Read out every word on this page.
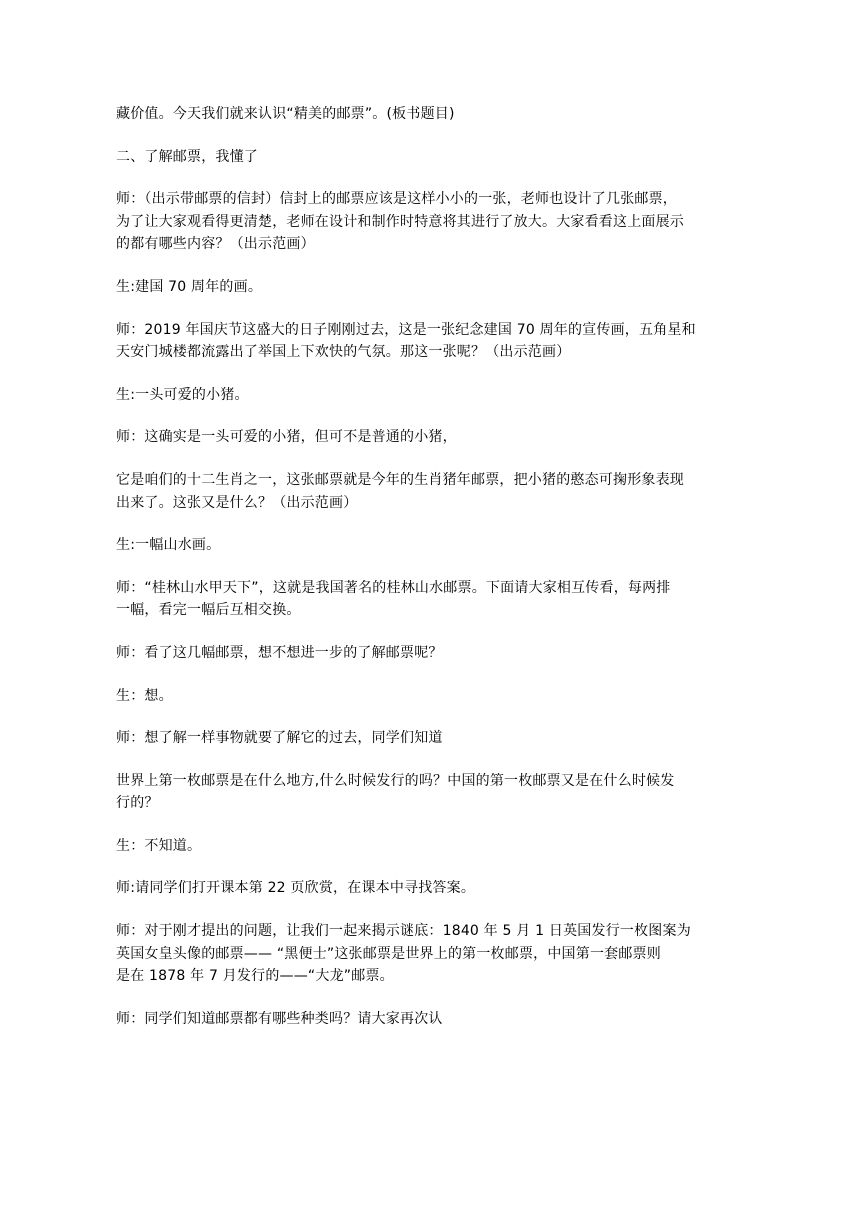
藏价值。今天我们就来认识“精美的邮票”。(板书题目)

二、了解邮票，我懂了

师：（出示带邮票的信封）信封上的邮票应该是这样小小的一张，老师也设计了几张邮票，
为了让大家观看得更清楚，老师在设计和制作时特意将其进行了放大。大家看看这上面展示
的都有哪些内容？（出示范画）

生:建国 70 周年的画。

师：2019 年国庆节这盛大的日子刚刚过去，这是一张纪念建国 70 周年的宣传画，五角星和
天安门城楼都流露出了举国上下欢快的气氛。那这一张呢？（出示范画）

生:一头可爱的小猪。

师：这确实是一头可爱的小猪，但可不是普通的小猪，

它是咱们的十二生肖之一，这张邮票就是今年的生肖猪年邮票，把小猪的憨态可掬形象表现
出来了。这张又是什么？（出示范画）

生:一幅山水画。

师：“桂林山水甲天下”，这就是我国著名的桂林山水邮票。下面请大家相互传看，每两排
一幅，看完一幅后互相交换。

师：看了这几幅邮票，想不想进一步的了解邮票呢？

生：想。

师：想了解一样事物就要了解它的过去，同学们知道

世界上第一枚邮票是在什么地方,什么时候发行的吗？中国的第一枚邮票又是在什么时候发
行的？

生：不知道。

师:请同学们打开课本第 22 页欣赏，在课本中寻找答案。

师：对于刚才提出的问题，让我们一起来揭示谜底：1840 年 5 月 1 日英国发行一枚图案为
英国女皇头像的邮票—— “黑便士”这张邮票是世界上的第一枚邮票，中国第一套邮票则
是在 1878 年 7 月发行的——“大龙”邮票。

师：同学们知道邮票都有哪些种类吗？请大家再次认
